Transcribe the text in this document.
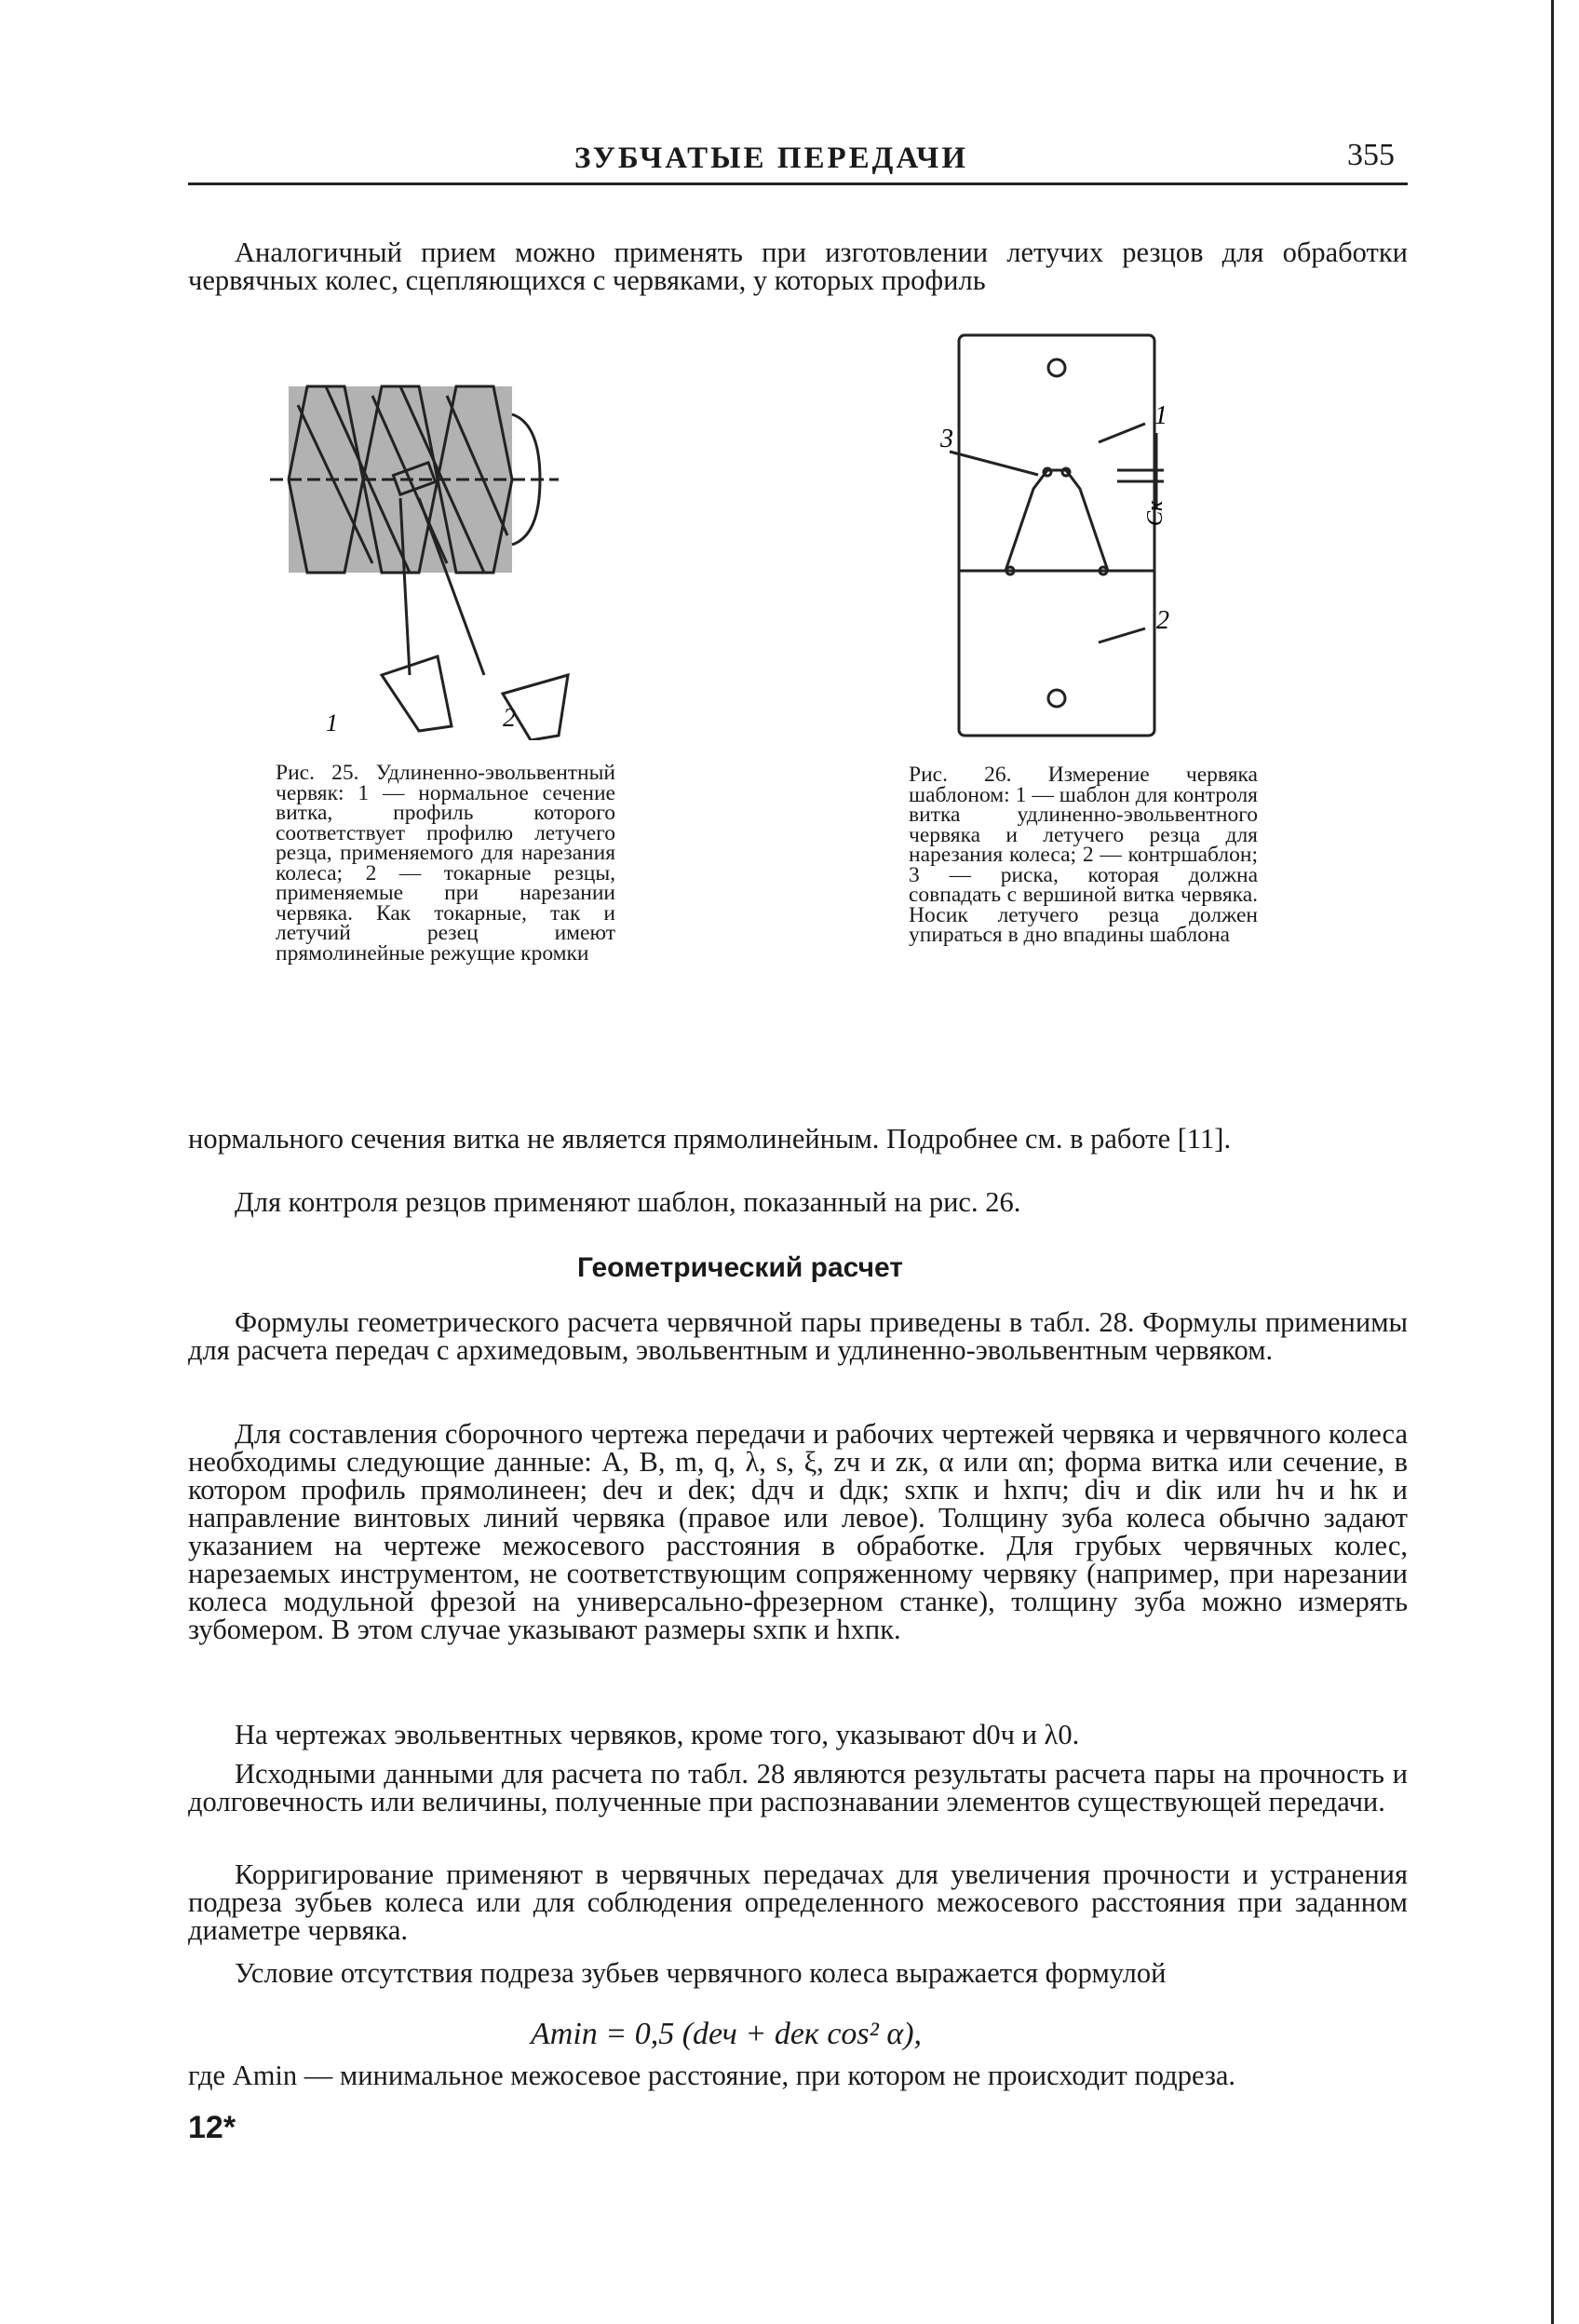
ЗУБЧАТЫЕ ПЕРЕДАЧИ	355

Аналогичный прием можно применять при изготовлении летучих резцов для обработки червячных колес, сцепляющихся с червяками, у которых профиль

1	2

Рис. 25. Удлиненно-эвольвентный червяк: 1 — нормальное сечение витка, профиль которого соответствует профилю летучего резца, применяемого для нарезания колеса; 2 — токарные резцы, применяемые при нарезании червяка. Как токарные, так и летучий резец имеют прямолинейные режущие кромки

3
1
2
Cк

Рис. 26. Измерение червяка шаблоном: 1 — шаблон для контроля витка удлиненно-эвольвентного червяка и летучего резца для нарезания колеса; 2 — контршаблон; 3 — риска, которая должна совпадать с вершиной витка червяка. Носик летучего резца должен упираться в дно впадины шаблона

нормального сечения витка не является прямолинейным. Подробнее см. в работе [11].

Для контроля резцов применяют шаблон, показанный на рис. 26.

Геометрический расчет

Формулы геометрического расчета червячной пары приведены в табл. 28. Формулы применимы для расчета передач с архимедовым, эвольвентным и удлиненно-эвольвентным червяком.

Для составления сборочного чертежа передачи и рабочих чертежей червяка и червячного колеса необходимы следующие данные: A, B, m, q, λ, s, ξ, zч и zк, α или αn; форма витка или сечение, в котором профиль прямолинеен; dеч и dек; dдч и dдк; sxпк и hxпч; diч и diк или hч и hк и направление винтовых линий червяка (правое или левое). Толщину зуба колеса обычно задают указанием на чертеже межосевого расстояния в обработке. Для грубых червячных колес, нарезаемых инструментом, не соответствующим сопряженному червяку (например, при нарезании колеса модульной фрезой на универсально-фрезерном станке), толщину зуба можно измерять зубомером. В этом случае указывают размеры sxпк и hxпк.

На чертежах эвольвентных червяков, кроме того, указывают d0ч и λ0.

Исходными данными для расчета по табл. 28 являются результаты расчета пары на прочность и долговечность или величины, полученные при распознавании элементов существующей передачи.

Корригирование применяют в червячных передачах для увеличения прочности и устранения подреза зубьев колеса или для соблюдения определенного межосевого расстояния при заданном диаметре червяка.

Условие отсутствия подреза зубьев червячного колеса выражается формулой

Amin = 0,5 (dеч + dек cos² α),

где Amin — минимальное межосевое расстояние, при котором не происходит подреза.

12*
